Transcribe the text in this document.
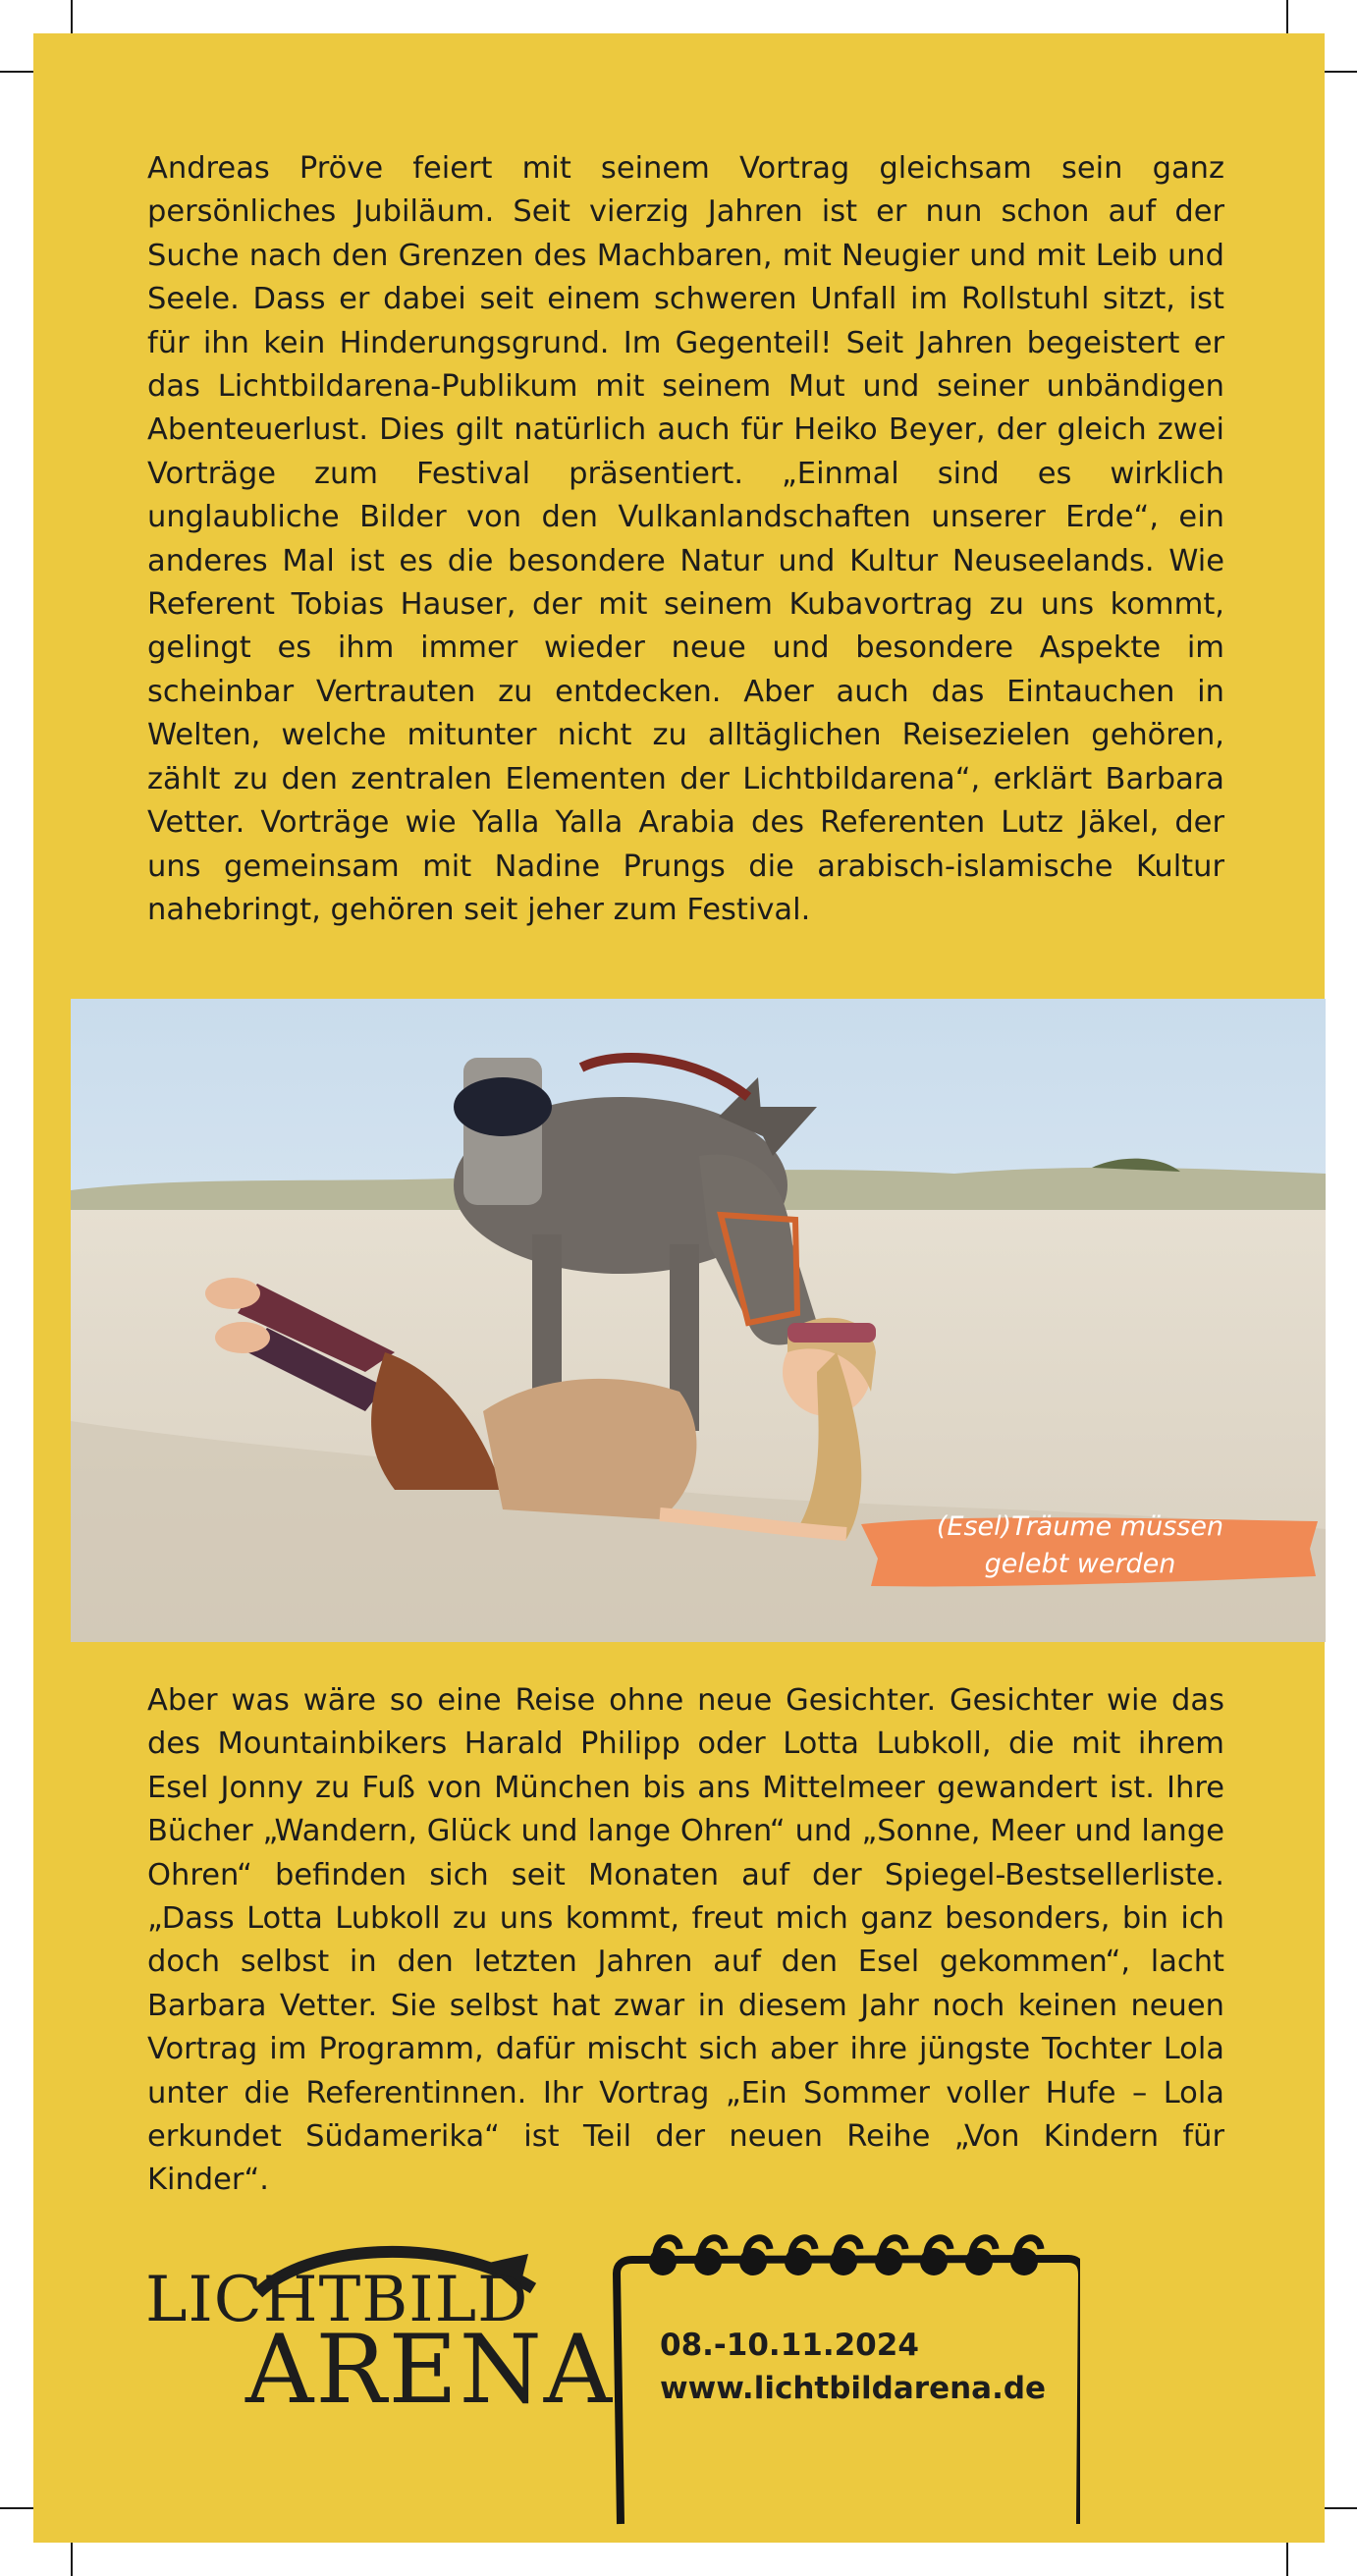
Andreas Pröve feiert mit seinem Vortrag gleichsam sein ganz persönliches Jubiläum. Seit vierzig Jahren ist er nun schon auf der Suche nach den Grenzen des Machbaren, mit Neugier und mit Leib und Seele. Dass er dabei seit einem schweren Unfall im Rollstuhl sitzt, ist für ihn kein Hinderungsgrund. Im Gegenteil! Seit Jahren begeistert er das Lichtbildarena-Publikum mit seinem Mut und seiner unbändigen Abenteuerlust. Dies gilt natürlich auch für Heiko Beyer, der gleich zwei Vorträge zum Festival präsentiert. „Einmal sind es wirklich unglaubliche Bilder von den Vulkanlandschaften unserer Erde“, ein anderes Mal ist es die besondere Natur und Kultur Neuseelands. Wie Referent Tobias Hauser, der mit seinem Kubavortrag zu uns kommt, gelingt es ihm immer wieder neue und besondere Aspekte im scheinbar Vertrauten zu entdecken. Aber auch das Eintauchen in Welten, welche mitunter nicht zu alltäglichen Reisezielen gehören, zählt zu den zentralen Elementen der Lichtbildarena“, erklärt Barbara Vetter. Vorträge wie Yalla Yalla Arabia des Referenten Lutz Jäkel, der uns gemeinsam mit Nadine Prungs die arabisch-islamische Kultur nahebringt, gehören seit jeher zum Festival.

(Esel)Träume müssen
gelebt werden

Aber was wäre so eine Reise ohne neue Gesichter. Gesichter wie das des Mountainbikers Harald Philipp oder Lotta Lubkoll, die mit ihrem Esel Jonny zu Fuß von München bis ans Mittelmeer gewandert ist. Ihre Bücher „Wandern, Glück und lange Ohren“ und „Sonne, Meer und lange Ohren“ befinden sich seit Monaten auf der Spiegel-Bestsellerliste. „Dass Lotta Lubkoll zu uns kommt, freut mich ganz besonders, bin ich doch selbst in den letzten Jahren auf den Esel gekommen“, lacht Barbara Vetter. Sie selbst hat zwar in diesem Jahr noch keinen neuen Vortrag im Programm, dafür mischt sich aber ihre jüngste Tochter Lola unter die Referentinnen. Ihr Vortrag „Ein Sommer voller Hufe – Lola erkundet Südamerika“ ist Teil der neuen Reihe „Von Kindern für Kinder“.

LICHTBILD
ARENA 08.-10.11.2024
www.lichtbildarena.de
